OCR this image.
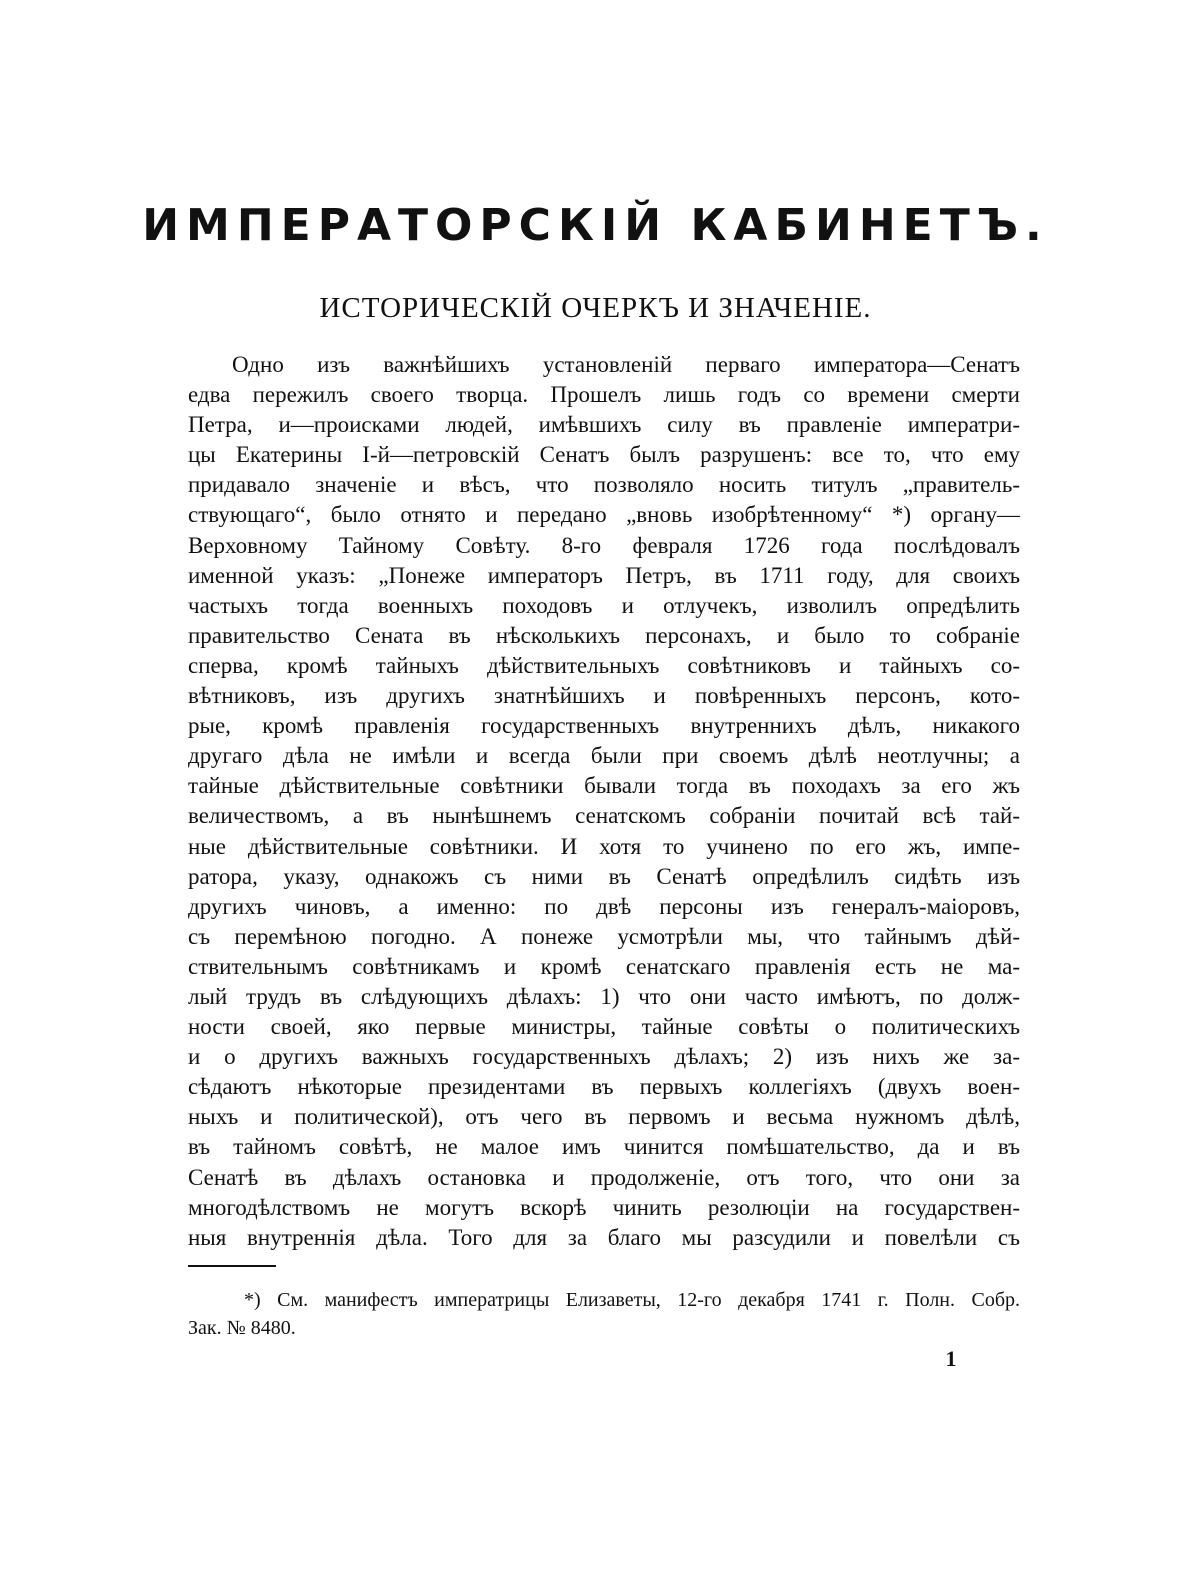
ИМПЕРАТОРСКІЙ КАБИНЕТЪ.
ИСТОРИЧЕСКІЙ ОЧЕРКЪ И ЗНАЧЕНІЕ.
Одно изъ важнѣйшихъ установленій перваго императора—Сенатъ
едва пережилъ своего творца. Прошелъ лишь годъ со времени смерти
Петра, и—происками людей, имѣвшихъ силу въ правленіе императри-
цы Екатерины І-й—петровскій Сенатъ былъ разрушенъ: все то, что ему
придавало значеніе и вѣсъ, что позволяло носить титулъ „правитель-
ствующаго“, было отнято и передано „вновь изобрѣтенному“ *) органу—
Верховному Тайному Совѣту. 8-го февраля 1726 года послѣдовалъ
именной указъ: „Понеже императоръ Петръ, въ 1711 году, для своихъ
частыхъ тогда военныхъ походовъ и отлучекъ, изволилъ опредѣлить
правительство Сената въ нѣсколькихъ персонахъ, и было то собраніе
сперва, кромѣ тайныхъ дѣйствительныхъ совѣтниковъ и тайныхъ со-
вѣтниковъ, изъ другихъ знатнѣйшихъ и повѣренныхъ персонъ, кото-
рые, кромѣ правленія государственныхъ внутреннихъ дѣлъ, никакого
другаго дѣла не имѣли и всегда были при своемъ дѣлѣ неотлучны; а
тайные дѣйствительные совѣтники бывали тогда въ походахъ за его жъ
величествомъ, а въ нынѣшнемъ сенатскомъ собраніи почитай всѣ тай-
ные дѣйствительные совѣтники. И хотя то учинено по его жъ, импе-
ратора, указу, однакожъ съ ними въ Сенатѣ опредѣлилъ сидѣть изъ
другихъ чиновъ, а именно: по двѣ персоны изъ генералъ-маіоровъ,
съ перемѣною погодно. А понеже усмотрѣли мы, что тайнымъ дѣй-
ствительнымъ совѣтникамъ и кромѣ сенатскаго правленія есть не ма-
лый трудъ въ слѣдующихъ дѣлахъ: 1) что они часто имѣютъ, по долж-
ности своей, яко первые министры, тайные совѣты о политическихъ
и о другихъ важныхъ государственныхъ дѣлахъ; 2) изъ нихъ же за-
сѣдаютъ нѣкоторые президентами въ первыхъ коллегіяхъ (двухъ воен-
ныхъ и политической), отъ чего въ первомъ и весьма нужномъ дѣлѣ,
въ тайномъ совѣтѣ, не малое имъ чинится помѣшательство, да и въ
Сенатѣ въ дѣлахъ остановка и продолженіе, отъ того, что они за
многодѣлствомъ не могутъ вскорѣ чинить резолюціи на государствен-
ныя внутреннія дѣла. Того для за благо мы разсудили и повелѣли съ
*) См. манифестъ императрицы Елизаветы, 12-го декабря 1741 г. Полн. Собр.
Зак. № 8480.
1
